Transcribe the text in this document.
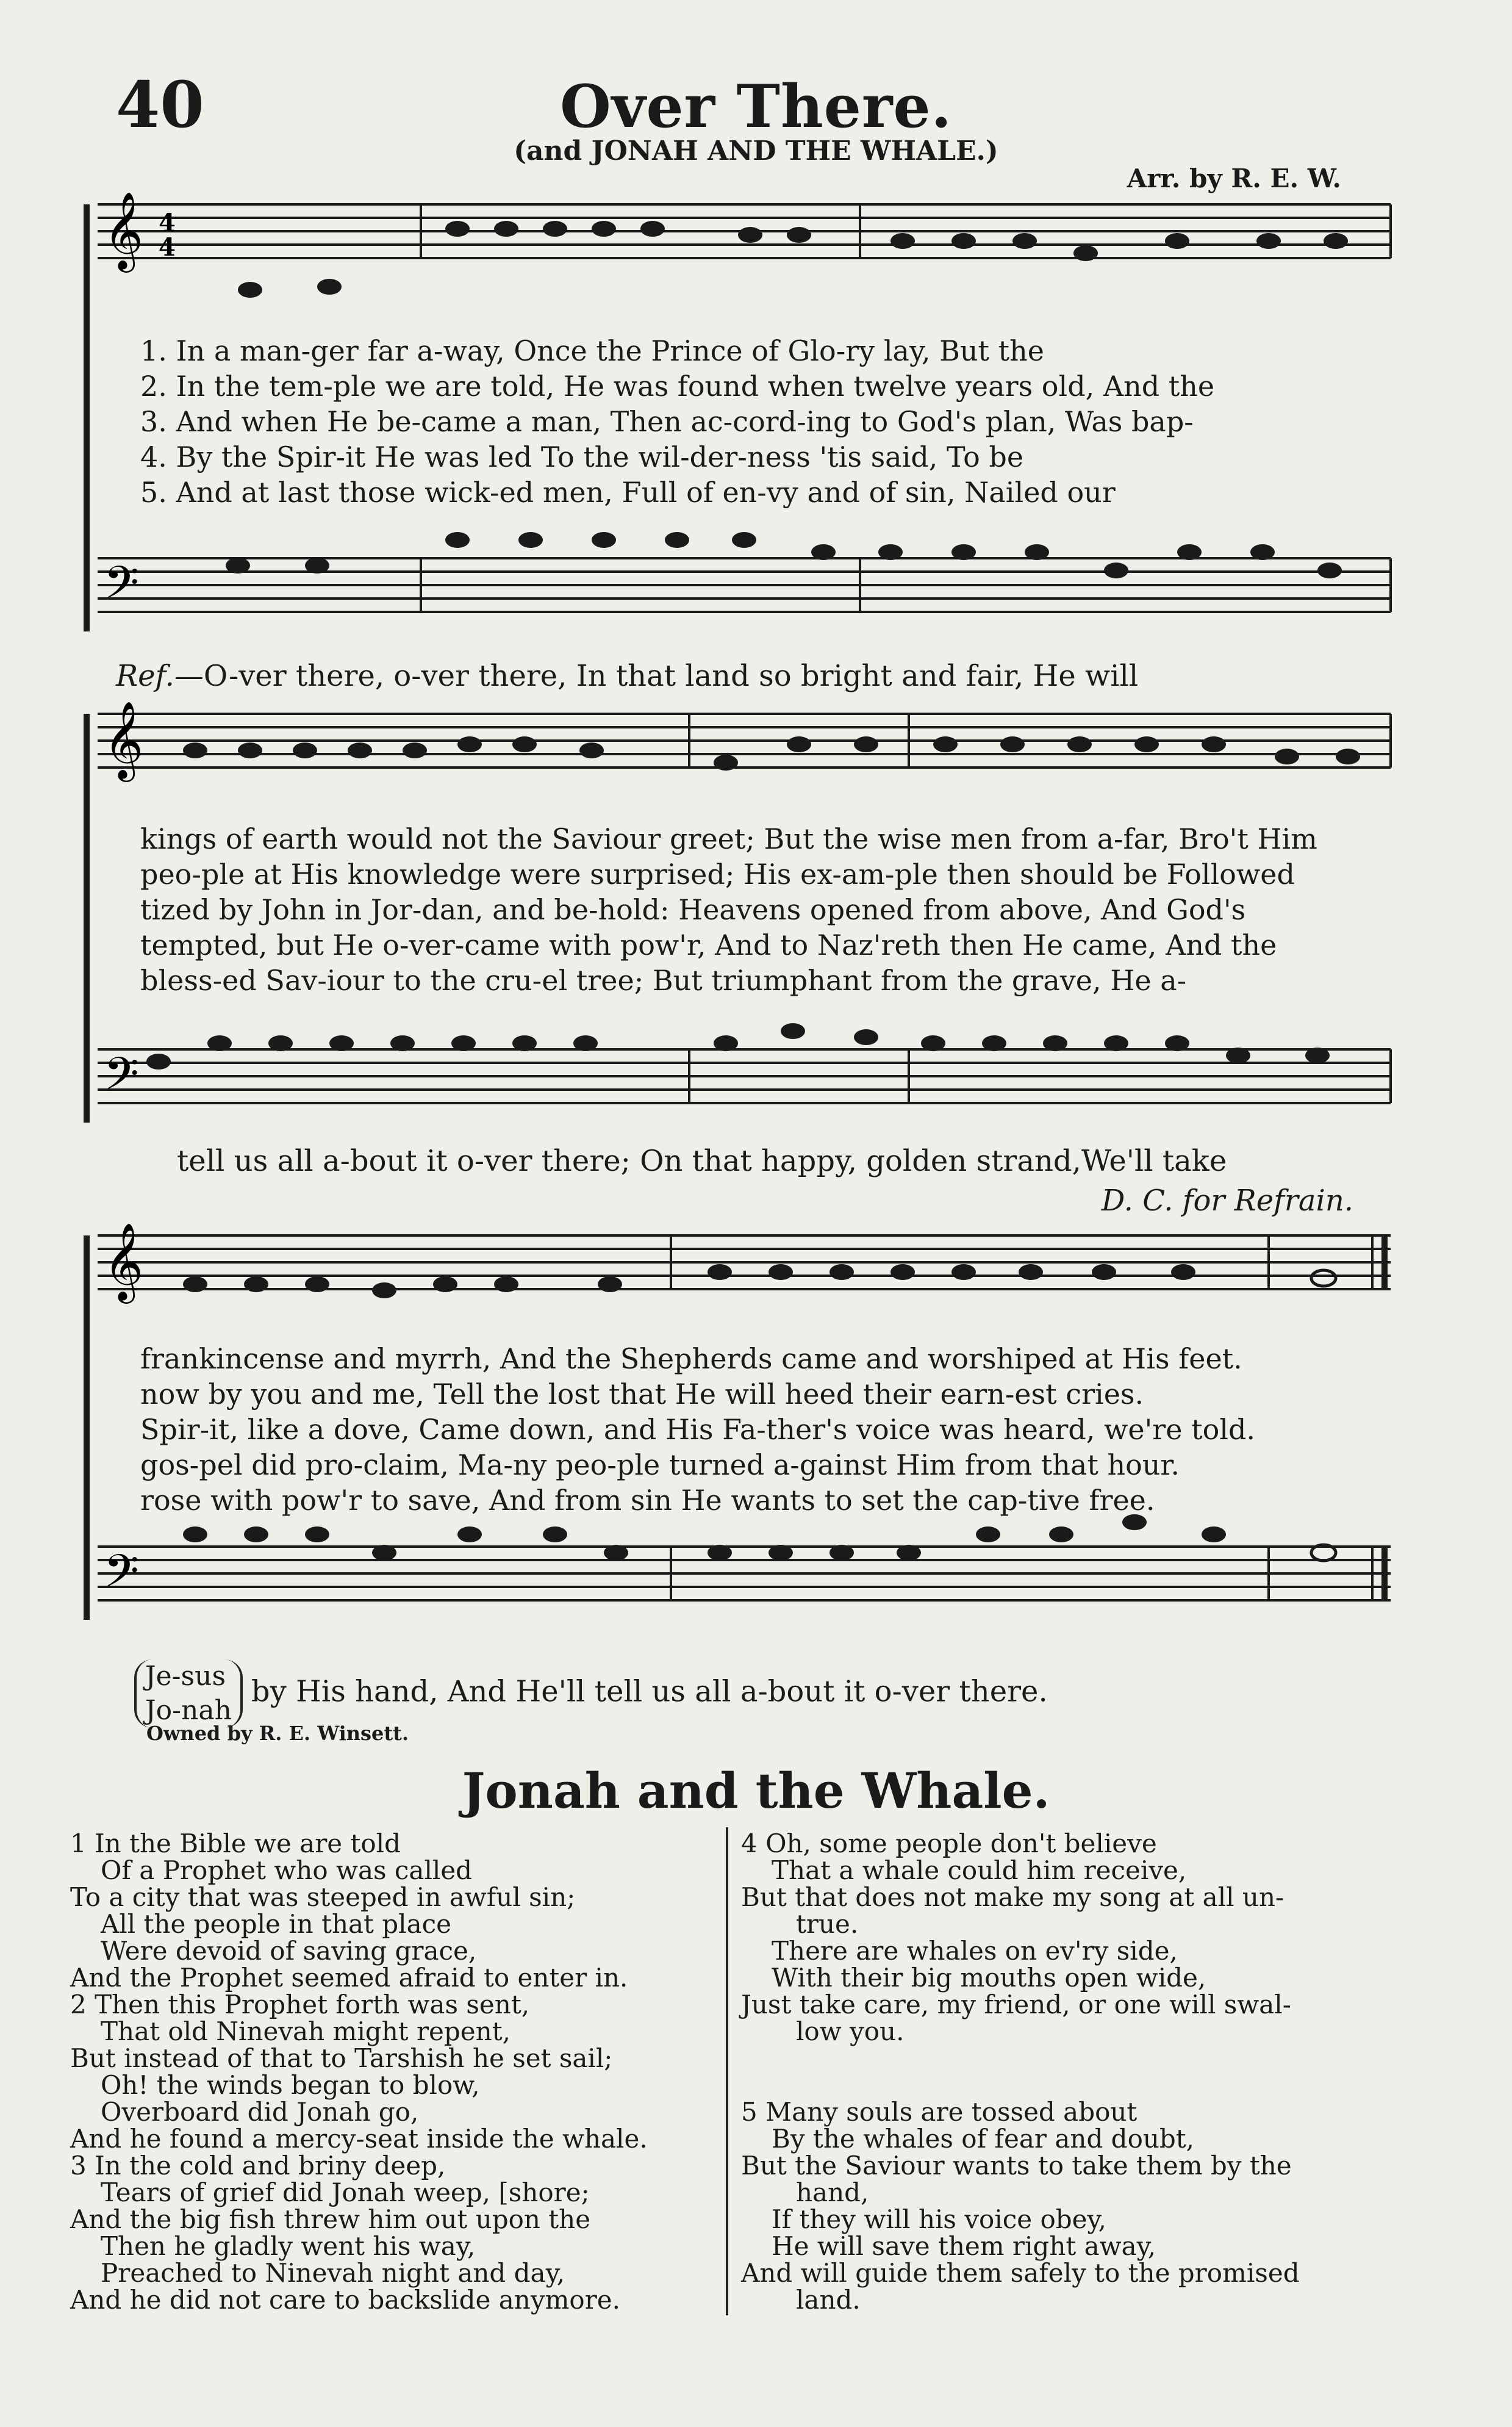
40	Over There.
(and JONAH AND THE WHALE.)
Arr. by R. E. W.
𝄞 4
4
𝄢
1. In a man-ger far a-way, Once the Prince of Glo-ry lay, But the
2. In the tem-ple we are told, He was found when twelve years old, And the
3. And when He be-came a man, Then ac-cord-ing to God's plan, Was bap-
4. By the Spir-it He was led To the wil-der-ness 'tis said, To be
5. And at last those wick-ed men, Full of en-vy and of sin, Nailed our
Ref.—O-ver there, o-ver there, In that land so bright and fair, He will
𝄞
𝄢
kings of earth would not the Saviour greet; But the wise men from a-far, Bro't Him
peo-ple at His knowledge were surprised; His ex-am-ple then should be Followed
tized by John in Jor-dan, and be-hold: Heavens opened from above, And God's
tempted, but He o-ver-came with pow'r, And to Naz'reth then He came, And the
bless-ed Sav-iour to the cru-el tree; But triumphant from the grave, He a-
tell us all a-bout it o-ver there; On that happy, golden strand,We'll take
D. C. for Refrain.
𝄞
𝄢
frankincense and myrrh, And the Shepherds came and worshiped at His feet.
now by you and me, Tell the lost that He will heed their earn-est cries.
Spir-it, like a dove, Came down, and His Fa-ther's voice was heard, we're told.
gos-pel did pro-claim, Ma-ny peo-ple turned a-gainst Him from that hour.
rose with pow'r to save, And from sin He wants to set the cap-tive free.
Je-sus
Jo-nah
by His hand, And He'll tell us all a-bout it o-ver there.
Owned by R. E. Winsett.
Jonah and the Whale.
1 In the Bible we are told
Of a Prophet who was called
To a city that was steeped in awful sin;
All the people in that place
Were devoid of saving grace,
And the Prophet seemed afraid to enter in.
2 Then this Prophet forth was sent,
That old Ninevah might repent,
But instead of that to Tarshish he set sail;
Oh! the winds began to blow,
Overboard did Jonah go,
And he found a mercy-seat inside the whale.
3 In the cold and briny deep,
Tears of grief did Jonah weep, [shore;
And the big fish threw him out upon the
Then he gladly went his way,
Preached to Ninevah night and day,
And he did not care to backslide anymore.
4 Oh, some people don't believe
That a whale could him receive,
But that does not make my song at all un-
true.
There are whales on ev'ry side,
With their big mouths open wide,
Just take care, my friend, or one will swal-
low you.
5 Many souls are tossed about
By the whales of fear and doubt,
But the Saviour wants to take them by the
hand,
If they will his voice obey,
He will save them right away,
And will guide them safely to the promised
land.
